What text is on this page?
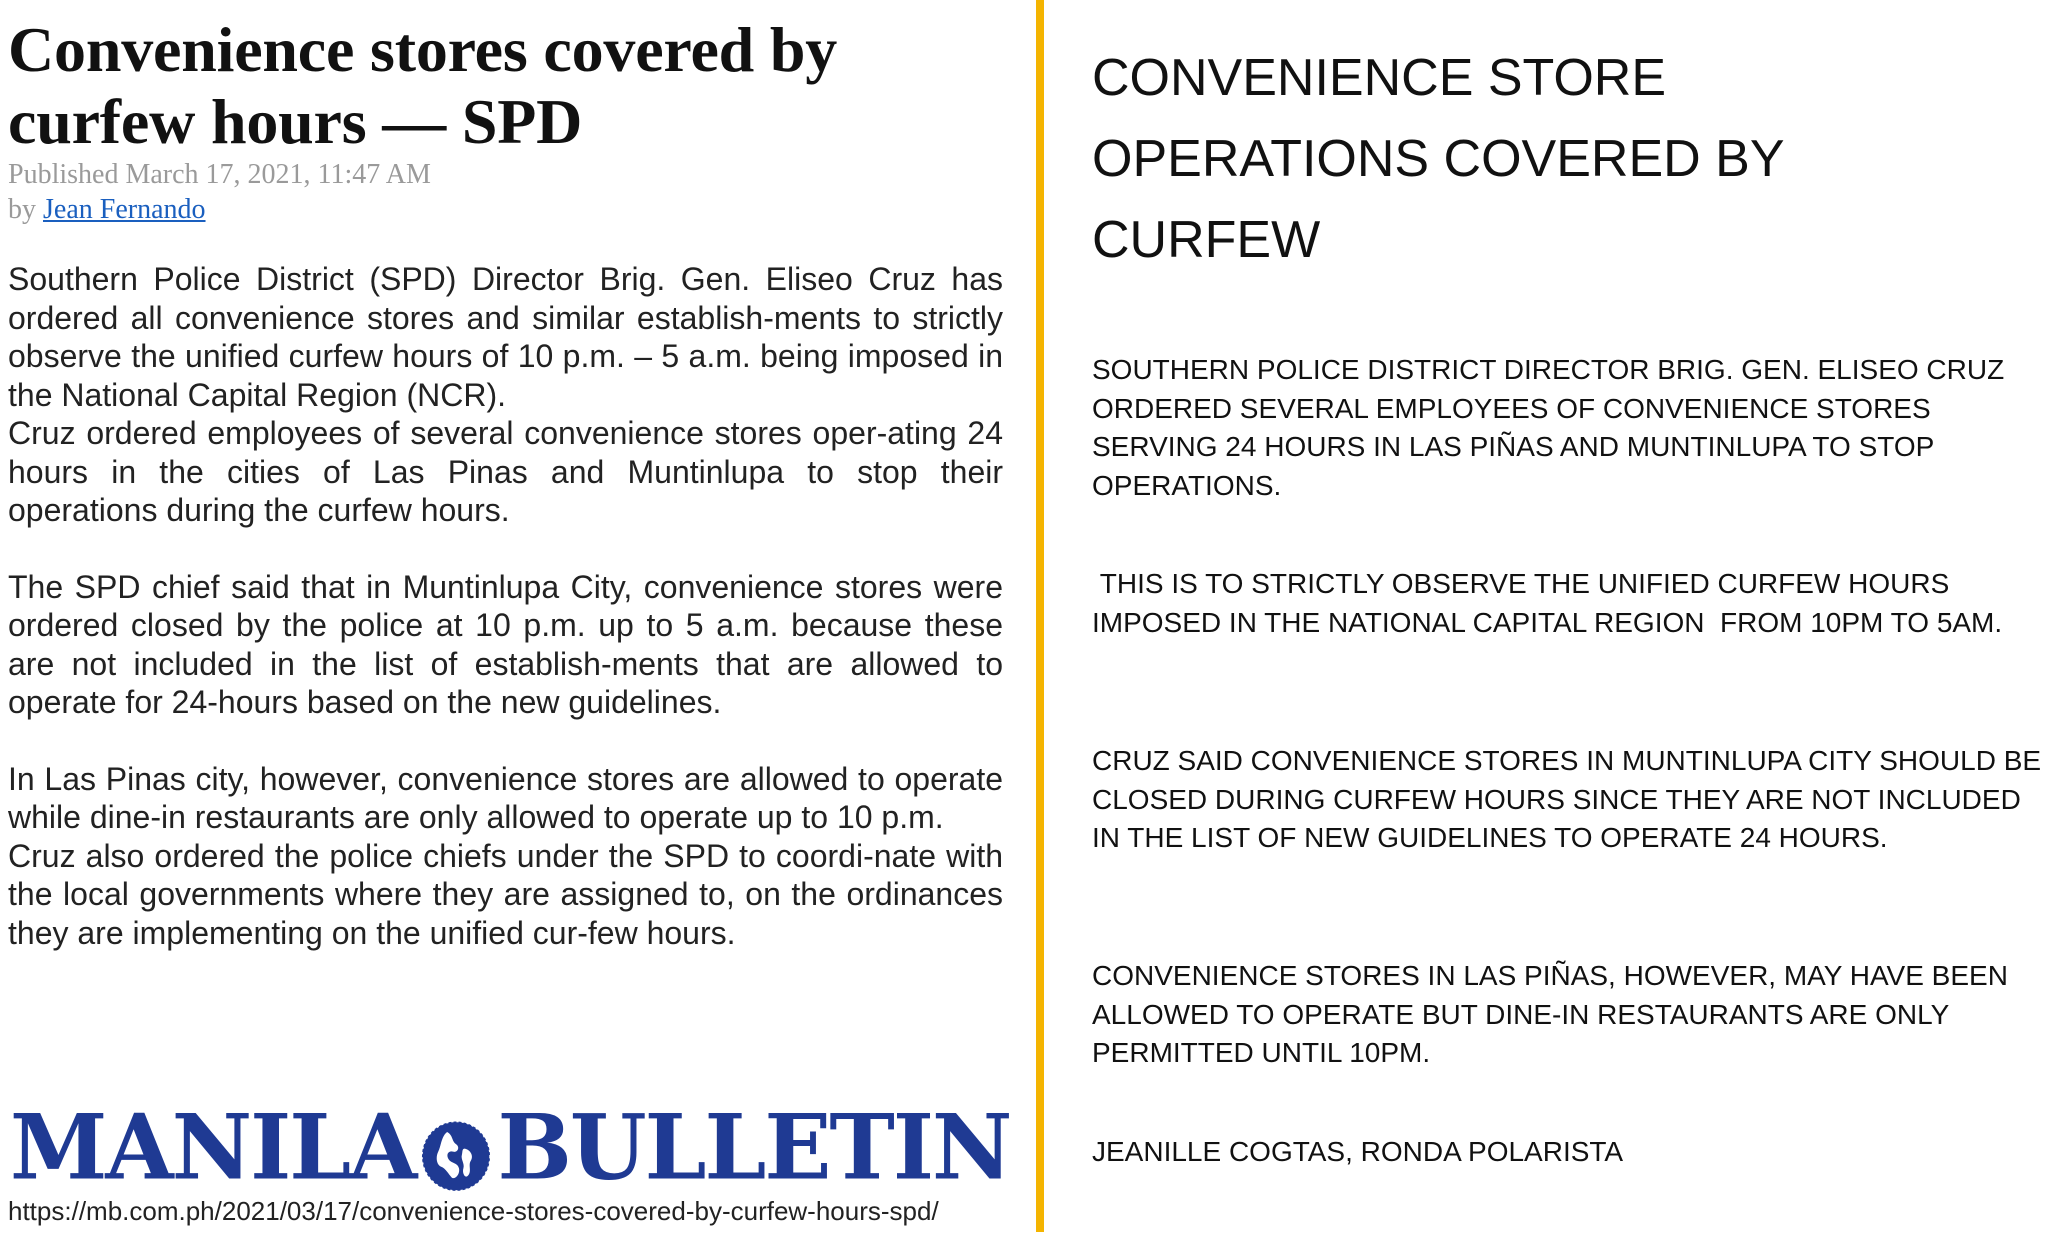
Convenience stores covered by curfew hours — SPD
Published March 17, 2021, 11:47 AM
by Jean Fernando

Southern Police District (SPD) Director Brig. Gen. Eliseo Cruz has ordered all convenience stores and similar establish-ments to strictly observe the unified curfew hours of 10 p.m. – 5 a.m. being imposed in the National Capital Region (NCR).

Cruz ordered employees of several convenience stores oper-ating 24 hours in the cities of Las Pinas and Muntinlupa to stop their operations during the curfew hours.

The SPD chief said that in Muntinlupa City, convenience stores were ordered closed by the police at 10 p.m. up to 5 a.m. because these are not included in the list of establish-ments that are allowed to operate for 24-hours based on the new guidelines.

In Las Pinas city, however, convenience stores are allowed to operate while dine-in restaurants are only allowed to operate up to 10 p.m.

Cruz also ordered the police chiefs under the SPD to coordi-nate with the local governments where they are assigned to, on the ordinances they are implementing on the unified cur-few hours.

MANILA BULLETIN
https://mb.com.ph/2021/03/17/convenience-stores-covered-by-curfew-hours-spd/
CONVENIENCE STORE OPERATIONS COVERED BY CURFEW

SOUTHERN POLICE DISTRICT DIRECTOR BRIG. GEN. ELISEO CRUZ ORDERED SEVERAL EMPLOYEES OF CONVENIENCE STORES SERVING 24 HOURS IN LAS PIÑAS AND MUNTINLUPA TO STOP OPERATIONS.

THIS IS TO STRICTLY OBSERVE THE UNIFIED CURFEW HOURS IMPOSED IN THE NATIONAL CAPITAL REGION  FROM 10PM TO 5AM.

CRUZ SAID CONVENIENCE STORES IN MUNTINLUPA CITY SHOULD BE CLOSED DURING CURFEW HOURS SINCE THEY ARE NOT INCLUDED IN THE LIST OF NEW GUIDELINES TO OPERATE 24 HOURS.

CONVENIENCE STORES IN LAS PIÑAS, HOWEVER, MAY HAVE BEEN ALLOWED TO OPERATE BUT DINE-IN RESTAURANTS ARE ONLY PERMITTED UNTIL 10PM.

JEANILLE COGTAS, RONDA POLARISTA
